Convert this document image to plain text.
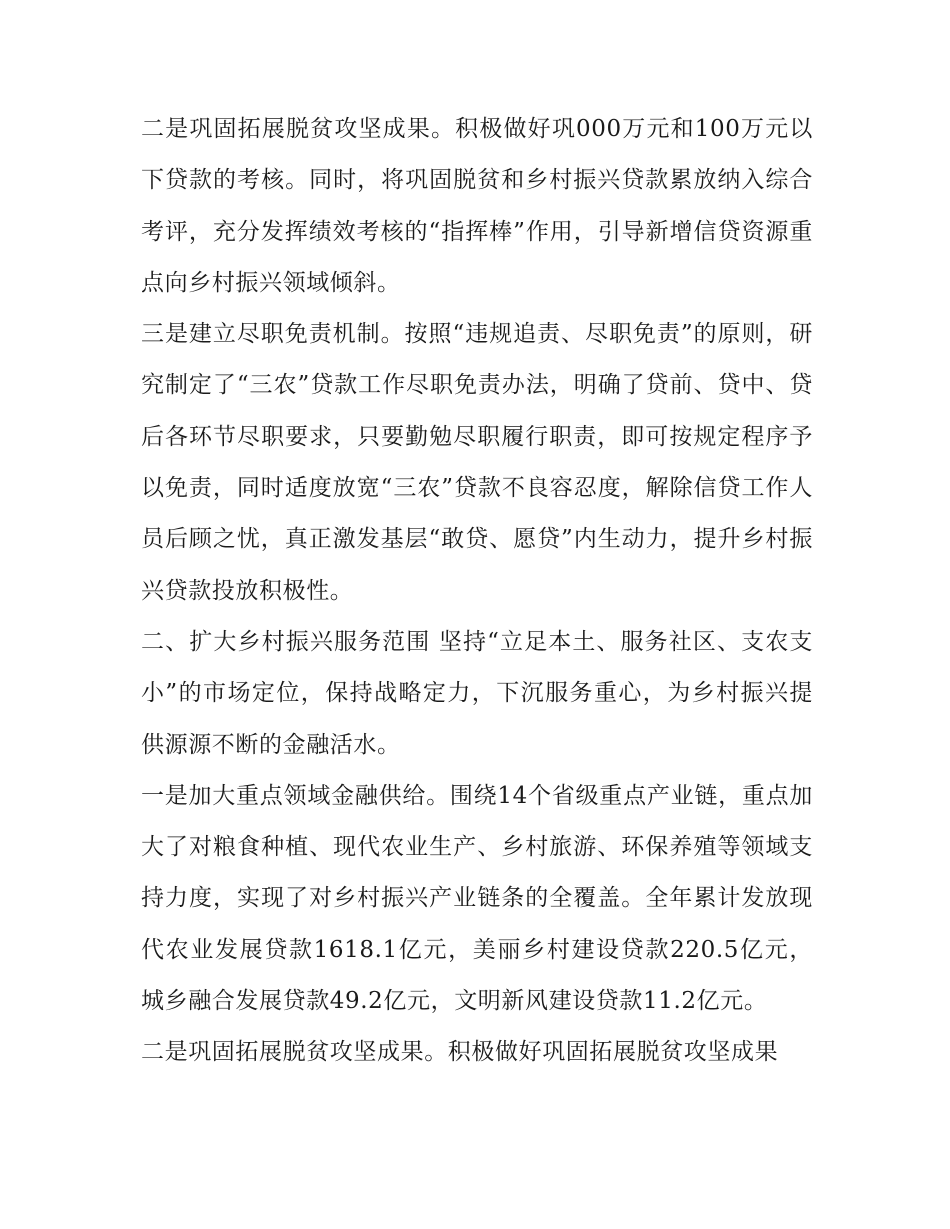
二是巩固拓展脱贫攻坚成果。积极做好巩000万元和100万元以下贷款的考核。同时，将巩固脱贫和乡村振兴贷款累放纳入综合考评，充分发挥绩效考核的“指挥棒”作用，引导新增信贷资源重点向乡村振兴领域倾斜。

三是建立尽职免责机制。按照“违规追责、尽职免责”的原则，研究制定了“三农”贷款工作尽职免责办法，明确了贷前、贷中、贷后各环节尽职要求，只要勤勉尽职履行职责，即可按规定程序予以免责，同时适度放宽“三农”贷款不良容忍度，解除信贷工作人员后顾之忧，真正激发基层“敢贷、愿贷”内生动力，提升乡村振兴贷款投放积极性。

二、扩大乡村振兴服务范围 坚持“立足本土、服务社区、支农支小”的市场定位，保持战略定力，下沉服务重心，为乡村振兴提供源源不断的金融活水。

一是加大重点领域金融供给。围绕14个省级重点产业链，重点加大了对粮食种植、现代农业生产、乡村旅游、环保养殖等领域支持力度，实现了对乡村振兴产业链条的全覆盖。全年累计发放现代农业发展贷款1618.1亿元，美丽乡村建设贷款220.5亿元，城乡融合发展贷款49.2亿元，文明新风建设贷款11.2亿元。

二是巩固拓展脱贫攻坚成果。积极做好巩固拓展脱贫攻坚成果
